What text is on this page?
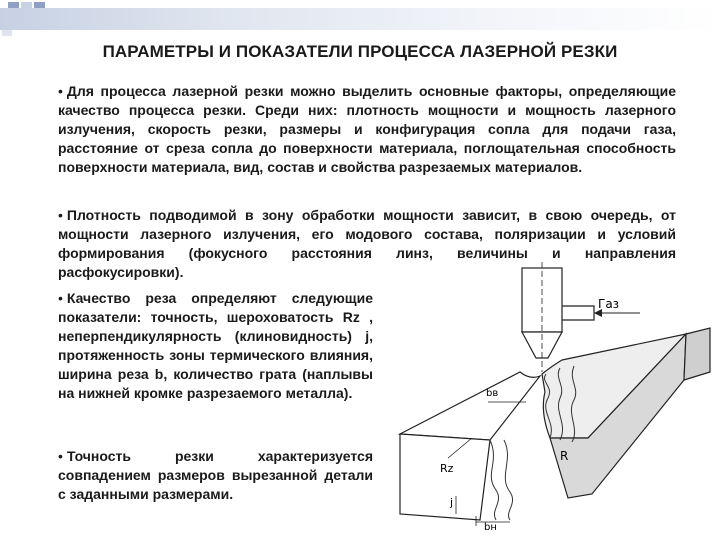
ПАРАМЕТРЫ И ПОКАЗАТЕЛИ ПРОЦЕССА ЛАЗЕРНОЙ РЕЗКИ

• Для процесса лазерной резки можно выделить основные факторы, определяющие качество процесса резки. Среди них: плотность мощности и мощность лазерного излучения, скорость резки, размеры и конфигурация сопла для подачи газа, расстояние от среза сопла до поверхности материала, поглощательная способность поверхности материала, вид, состав и свойства разрезаемых материалов.

• Плотность подводимой в зону обработки мощности зависит, в свою очередь, от мощности лазерного излучения, его модового состава, поляризации и условий формирования (фокусного расстояния линз, величины и направления расфокусировки).

• Качество реза определяют следующие показатели: точность, шероховатость Rz , неперпендикулярность (клиновидность) j, протяженность зоны термического влияния, ширина реза b, количество грата (наплывы на нижней кромке разрезаемого металла).

• Точность резки характеризуется совпадением размеров вырезанной детали с заданными размерами.

Газ
bв
bн
Rz
j
R
